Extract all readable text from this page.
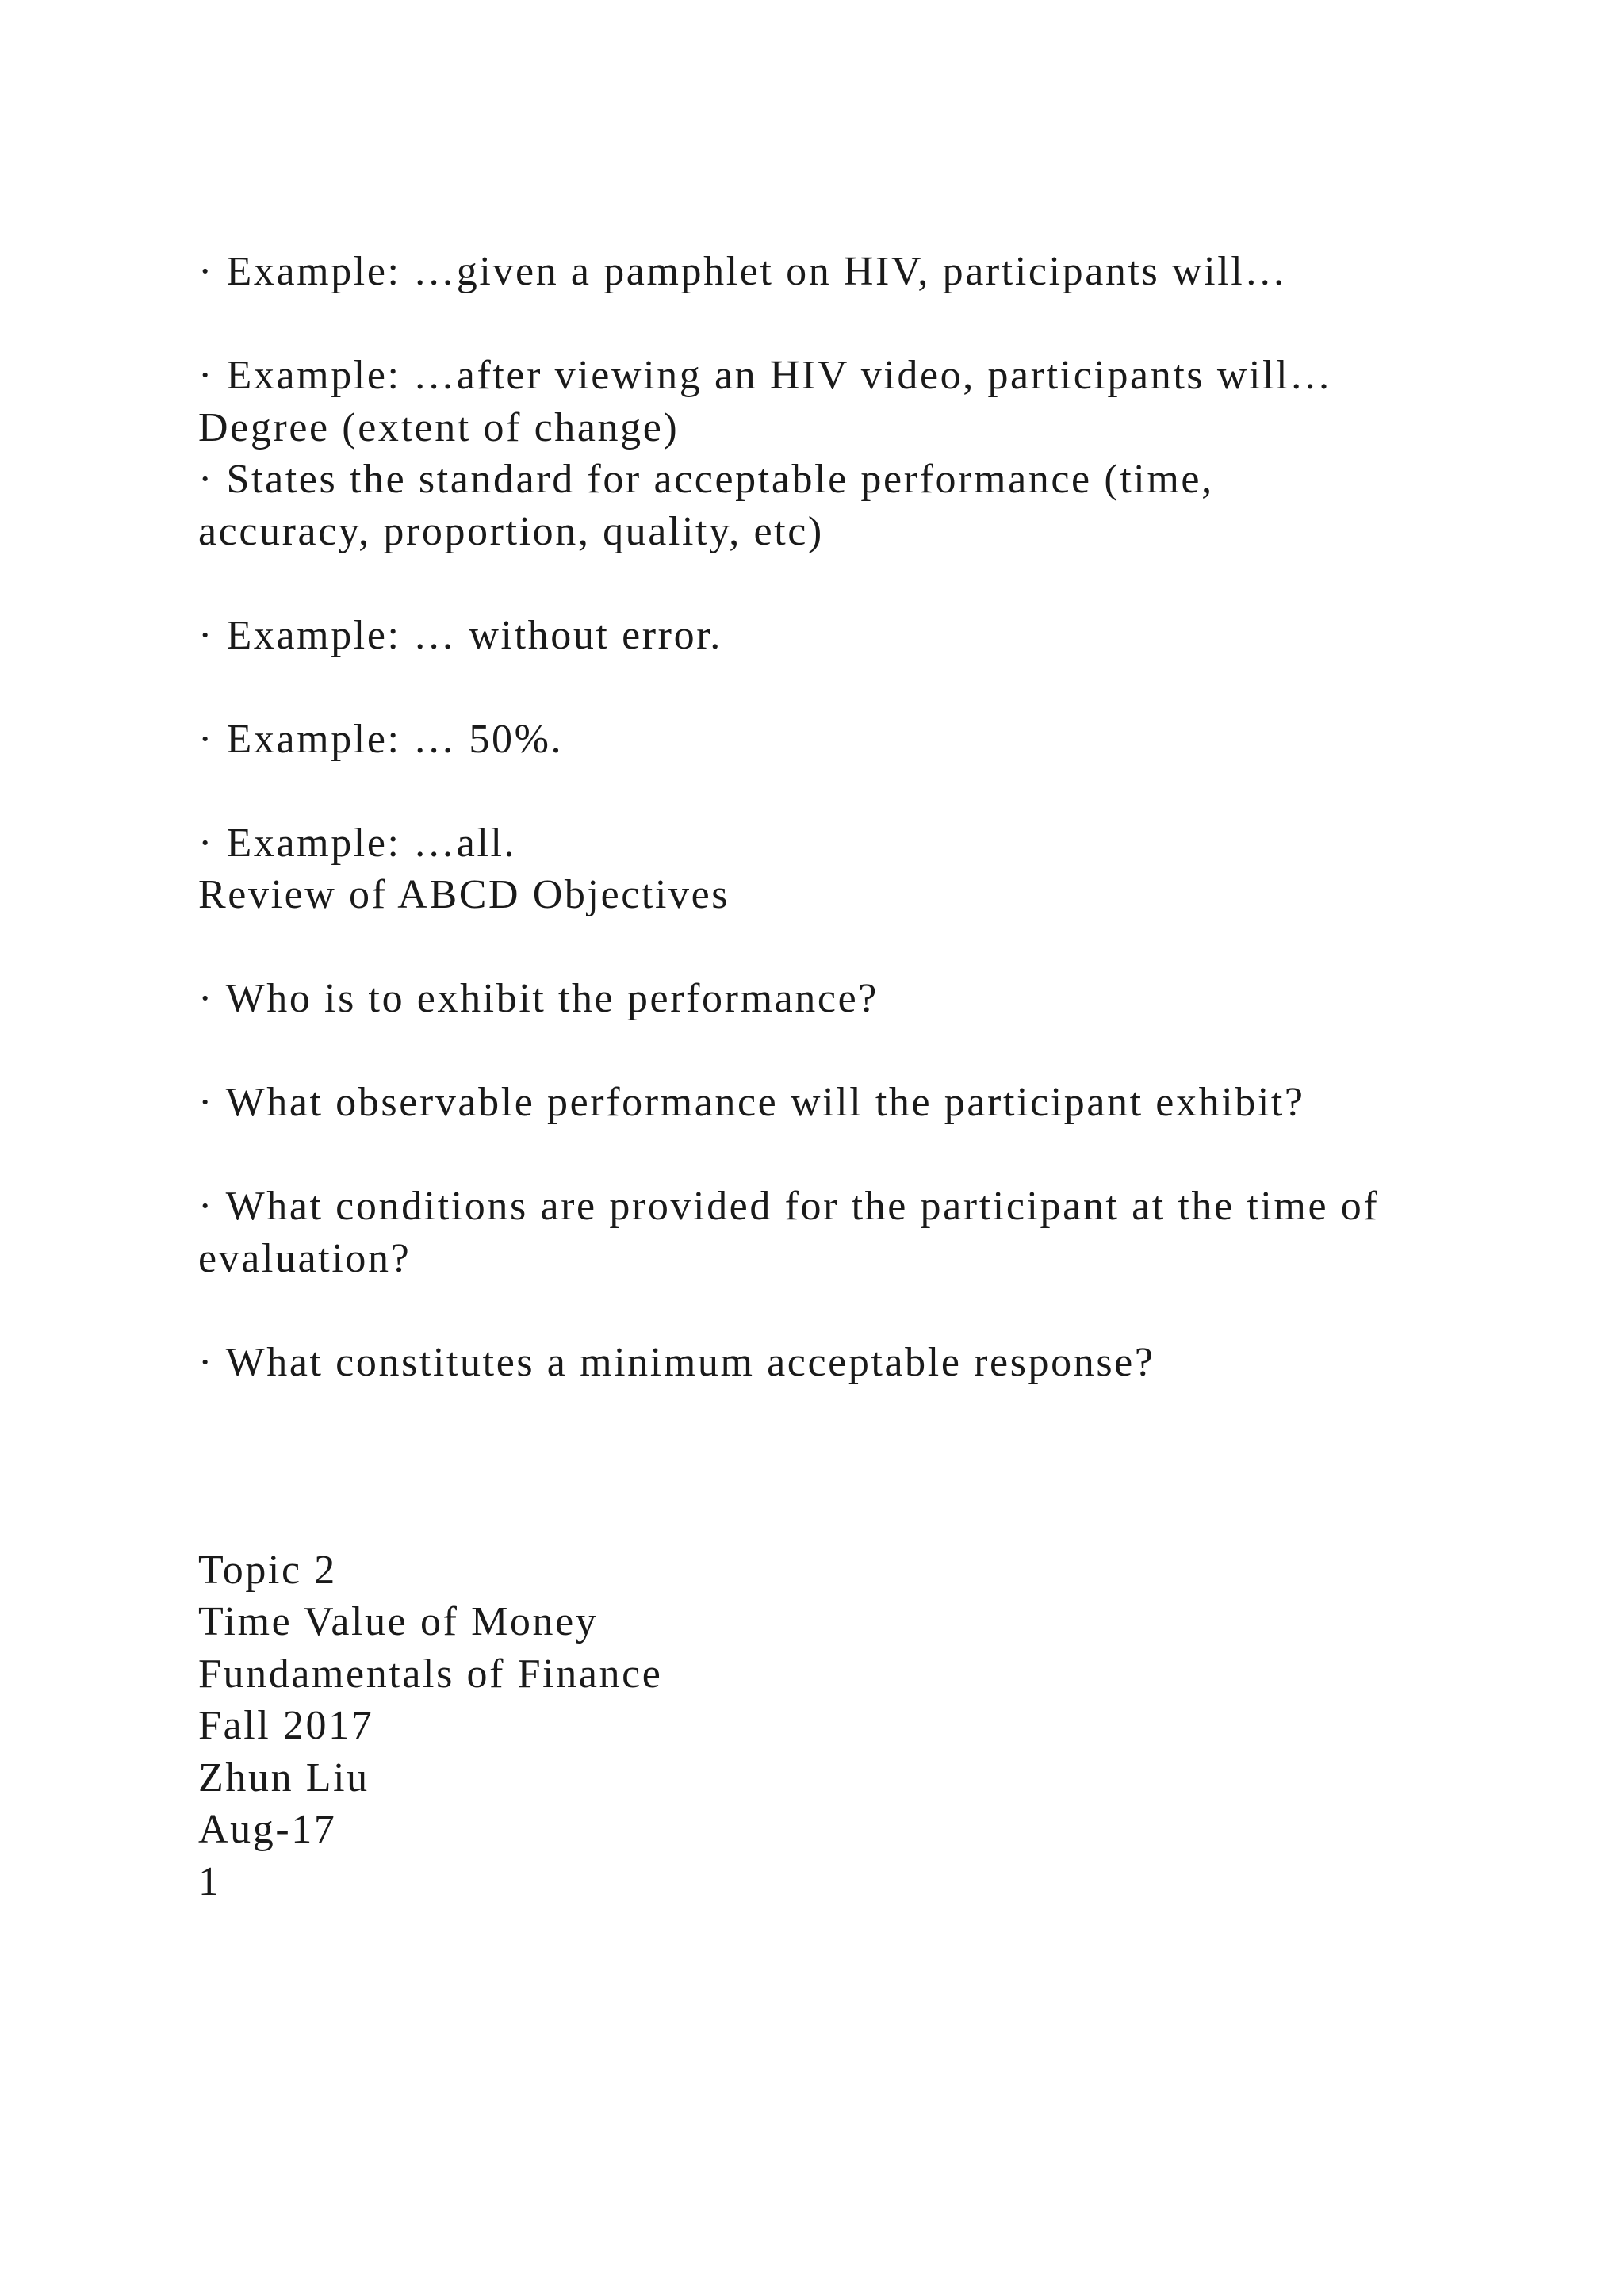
· Example: …given a pamphlet on HIV, participants will…
· Example: …after viewing an HIV video, participants will…
Degree (extent of change)
· States the standard for acceptable performance (time,
accuracy, proportion, quality, etc)
· Example: … without error.
· Example: … 50%.
· Example: …all.
Review of ABCD Objectives
· Who is to exhibit the performance?
· What observable performance will the participant exhibit?
· What conditions are provided for the participant at the time of
evaluation?
· What constitutes a minimum acceptable response?
Topic 2
Time Value of Money
Fundamentals of Finance
Fall 2017
Zhun Liu
Aug-17
1
